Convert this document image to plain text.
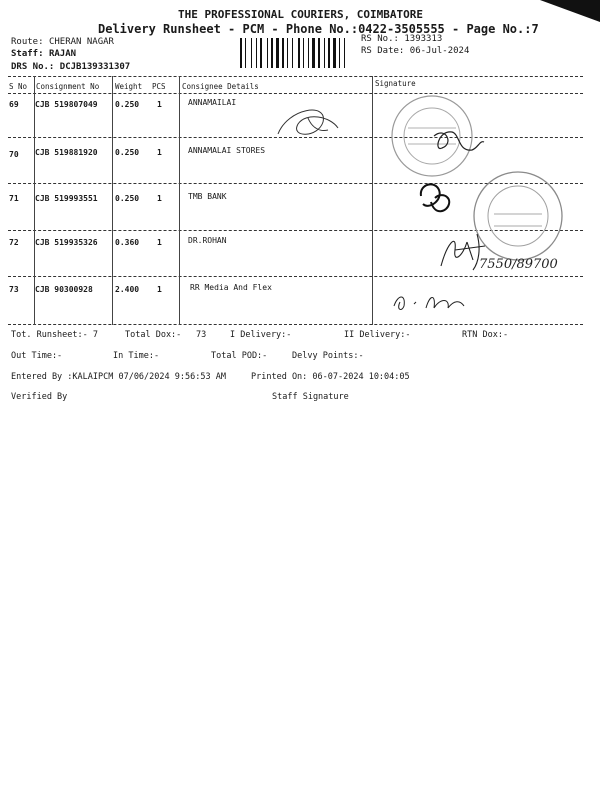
THE PROFESSIONAL COURIERS, COIMBATORE
Delivery Runsheet - PCM - Phone No.:0422-3505555 - Page No.:7
Route: CHERAN NAGAR
Staff: RAJAN
DRS No.: DCJB139331307
RS No.: 1393313
RS Date: 06-Jul-2024
S No Consignment No Weight PCS Consignee Details	Signature
69 CJB 519807049 0.250 1	ANNAMAILAI
70 CJB 519881920 0.250 1	ANNAMALAI STORES
71 CJB 519993551 0.250 1	TMB BANK
72 CJB 519935326 0.360 1	DR.ROHAN
73 CJB 90300928	2.400 1	RR Media And Flex
7550/89700
Tot. Runsheet:- 7	Total Dox:- 73	I Delivery:-	II Delivery:-	RTN Dox:-
Out Time:-	In Time:-	Total POD:-	Delvy Points:-
Entered By :KALAIPCM 07/06/2024 9:56:53 AM	Printed On: 06-07-2024 10:04:05
Verified By	Staff Signature
